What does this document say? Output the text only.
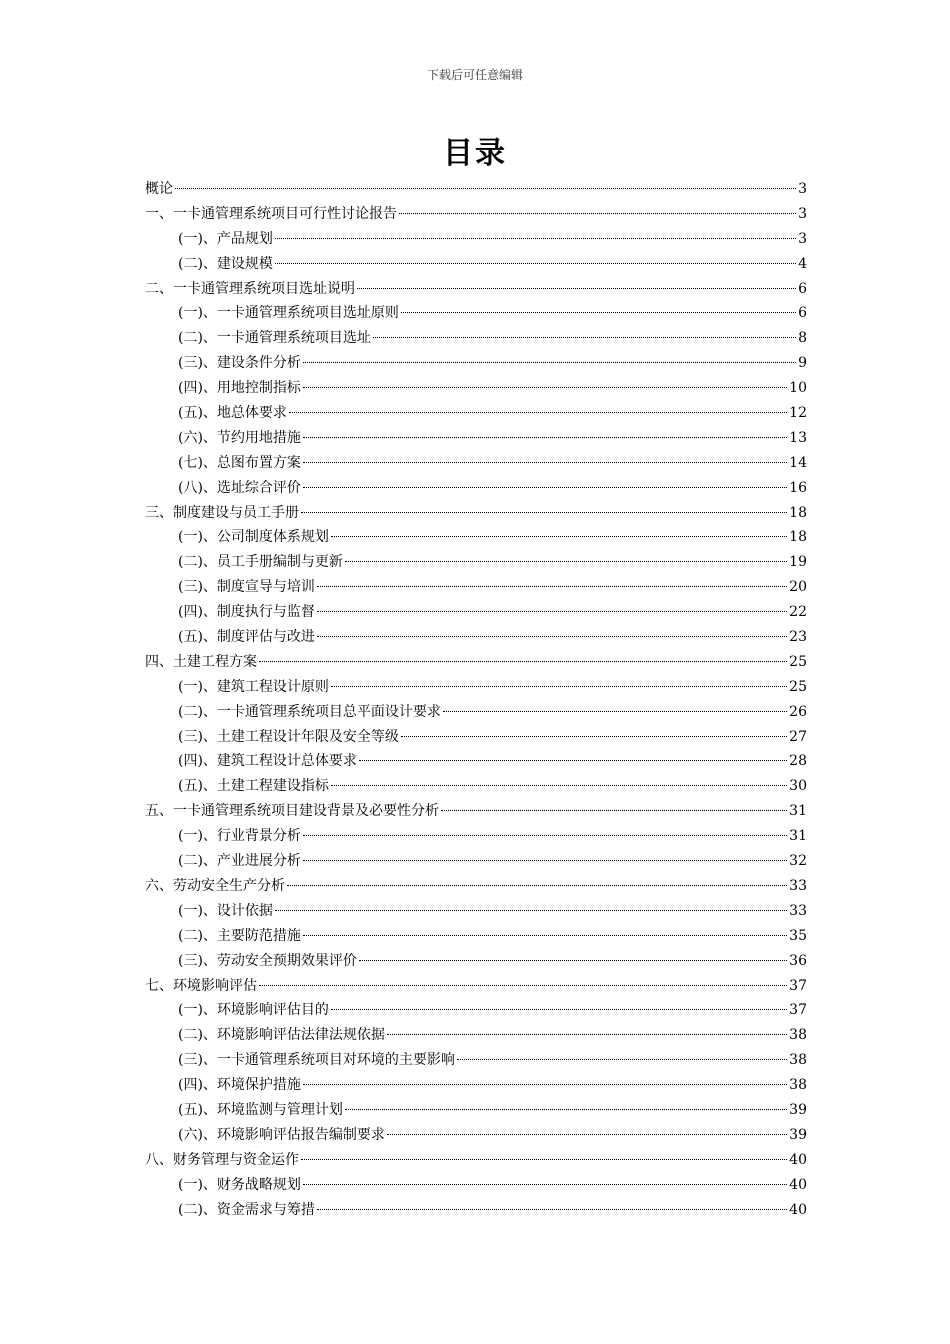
下载后可任意编辑
目录
概论	3
一、一卡通管理系统项目可行性讨论报告	3
(一)、产品规划	3
(二)、建设规模	4
二、一卡通管理系统项目选址说明	6
(一)、一卡通管理系统项目选址原则	6
(二)、一卡通管理系统项目选址	8
(三)、建设条件分析	9
(四)、用地控制指标	10
(五)、地总体要求	12
(六)、节约用地措施	13
(七)、总图布置方案	14
(八)、选址综合评价	16
三、制度建设与员工手册	18
(一)、公司制度体系规划	18
(二)、员工手册编制与更新	19
(三)、制度宣导与培训	20
(四)、制度执行与监督	22
(五)、制度评估与改进	23
四、土建工程方案	25
(一)、建筑工程设计原则	25
(二)、一卡通管理系统项目总平面设计要求	26
(三)、土建工程设计年限及安全等级	27
(四)、建筑工程设计总体要求	28
(五)、土建工程建设指标	30
五、一卡通管理系统项目建设背景及必要性分析	31
(一)、行业背景分析	31
(二)、产业进展分析	32
六、劳动安全生产分析	33
(一)、设计依据	33
(二)、主要防范措施	35
(三)、劳动安全预期效果评价	36
七、环境影响评估	37
(一)、环境影响评估目的	37
(二)、环境影响评估法律法规依据	38
(三)、一卡通管理系统项目对环境的主要影响	38
(四)、环境保护措施	38
(五)、环境监测与管理计划	39
(六)、环境影响评估报告编制要求	39
八、财务管理与资金运作	40
(一)、财务战略规划	40
(二)、资金需求与筹措	40
